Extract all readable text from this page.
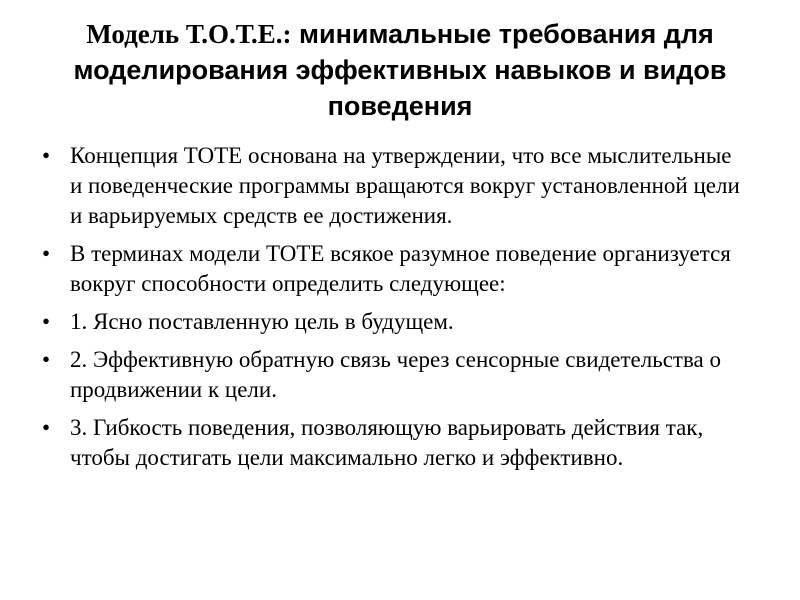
Модель Т.О.Т.Е.: минимальные требования для моделирования эффективных навыков и видов поведения
• Концепция ТОТЕ основана на утверждении, что все мыслительные и поведенческие программы вращаются вокруг установленной цели и варьируемых средств ее достижения.
• В терминах модели ТОТЕ всякое разумное поведение организуется вокруг способности определить следующее:
• 1. Ясно поставленную цель в будущем.
• 2. Эффективную обратную связь через сенсорные свидетельства о продвижении к цели.
• 3. Гибкость поведения, позволяющую варьировать действия так, чтобы достигать цели максимально легко и эффективно.
